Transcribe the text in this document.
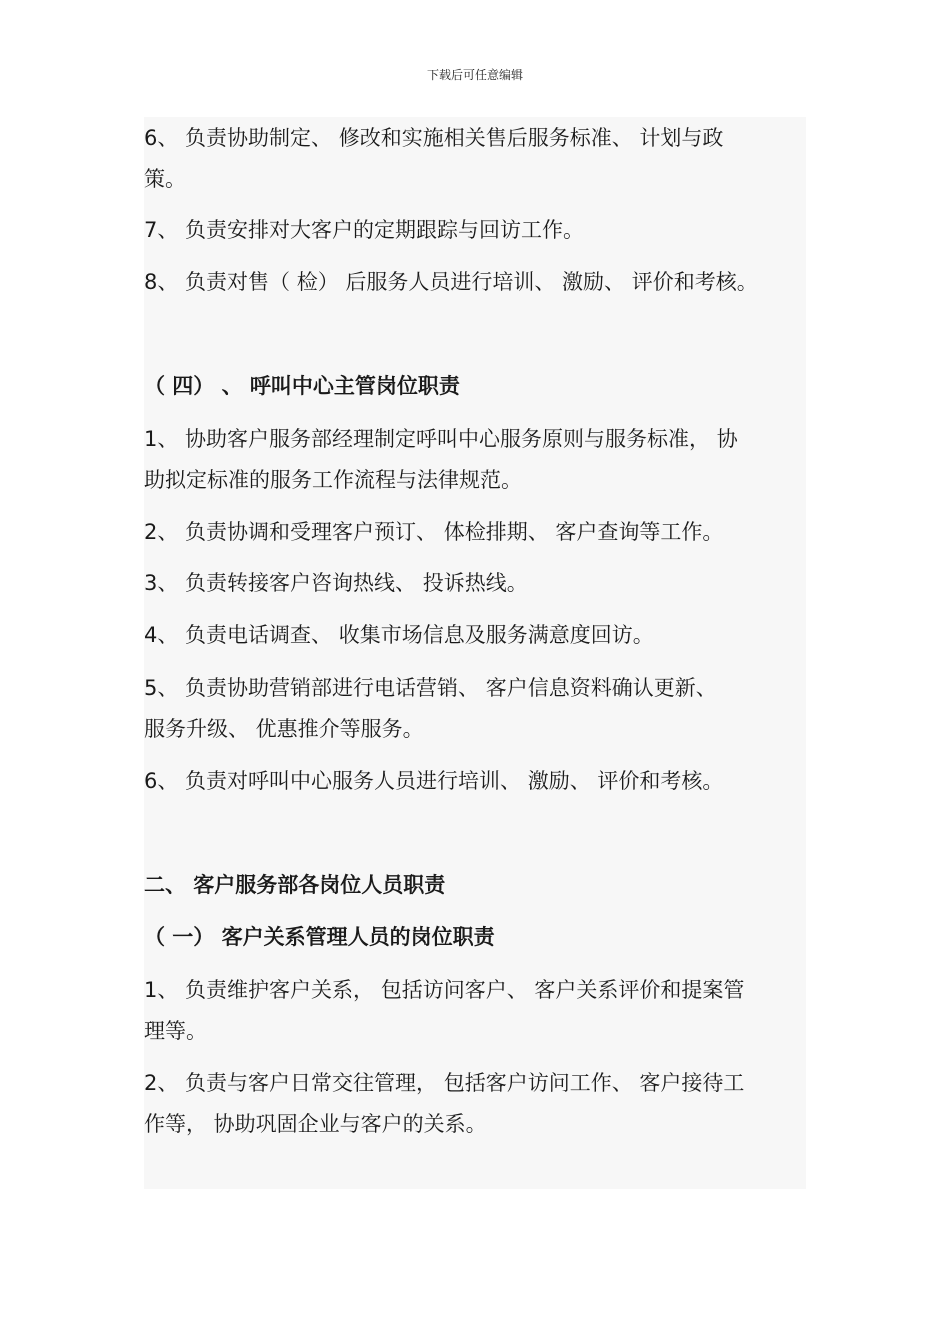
下载后可任意编辑
6、 负责协助制定、 修改和实施相关售后服务标准、 计划与政
策。
7、 负责安排对大客户的定期跟踪与回访工作。
8、 负责对售（ 检） 后服务人员进行培训、 激励、 评价和考核。
（ 四） 、 呼叫中心主管岗位职责
1、 协助客户服务部经理制定呼叫中心服务原则与服务标准， 协
助拟定标准的服务工作流程与法律规范。
2、 负责协调和受理客户预订、 体检排期、 客户查询等工作。
3、 负责转接客户咨询热线、 投诉热线。
4、 负责电话调查、 收集市场信息及服务满意度回访。
5、 负责协助营销部进行电话营销、 客户信息资料确认更新、
服务升级、 优惠推介等服务。
6、 负责对呼叫中心服务人员进行培训、 激励、 评价和考核。
二、 客户服务部各岗位人员职责
（ 一） 客户关系管理人员的岗位职责
1、 负责维护客户关系， 包括访问客户、 客户关系评价和提案管
理等。
2、 负责与客户日常交往管理， 包括客户访问工作、 客户接待工
作等， 协助巩固企业与客户的关系。
